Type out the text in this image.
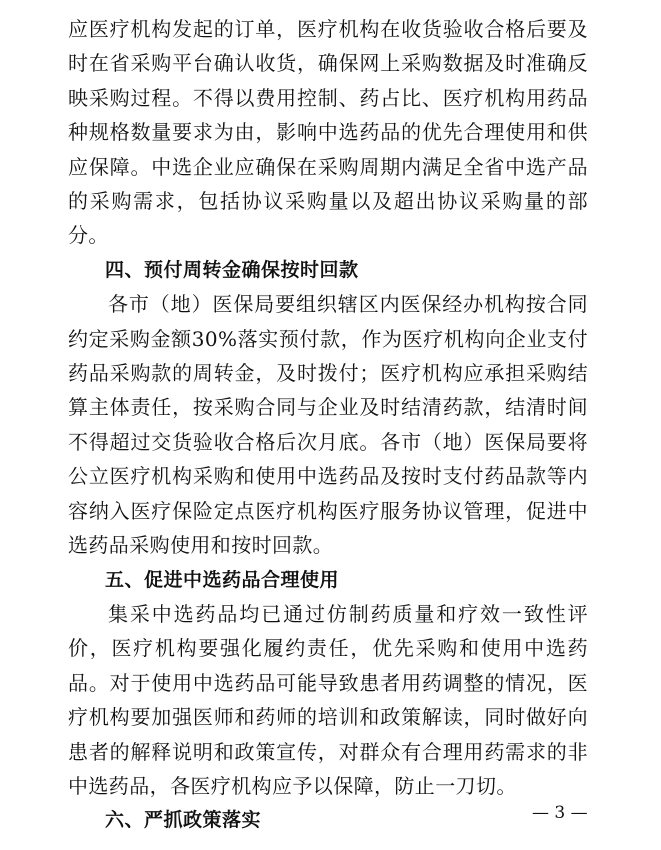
应医疗机构发起的订单，医疗机构在收货验收合格后要及时在省采购平台确认收货，确保网上采购数据及时准确反映采购过程。不得以费用控制、药占比、医疗机构用药品种规格数量要求为由，影响中选药品的优先合理使用和供应保障。中选企业应确保在采购周期内满足全省中选产品的采购需求，包括协议采购量以及超出协议采购量的部分。

四、预付周转金确保按时回款

各市（地）医保局要组织辖区内医保经办机构按合同约定采购金额30%落实预付款，作为医疗机构向企业支付药品采购款的周转金，及时拨付；医疗机构应承担采购结算主体责任，按采购合同与企业及时结清药款，结清时间不得超过交货验收合格后次月底。各市（地）医保局要将公立医疗机构采购和使用中选药品及按时支付药品款等内容纳入医疗保险定点医疗机构医疗服务协议管理，促进中选药品采购使用和按时回款。

五、促进中选药品合理使用

集采中选药品均已通过仿制药质量和疗效一致性评价，医疗机构要强化履约责任，优先采购和使用中选药品。对于使用中选药品可能导致患者用药调整的情况，医疗机构要加强医师和药师的培训和政策解读，同时做好向患者的解释说明和政策宣传，对群众有合理用药需求的非中选药品，各医疗机构应予以保障，防止一刀切。

六、严抓政策落实	— 3 —
